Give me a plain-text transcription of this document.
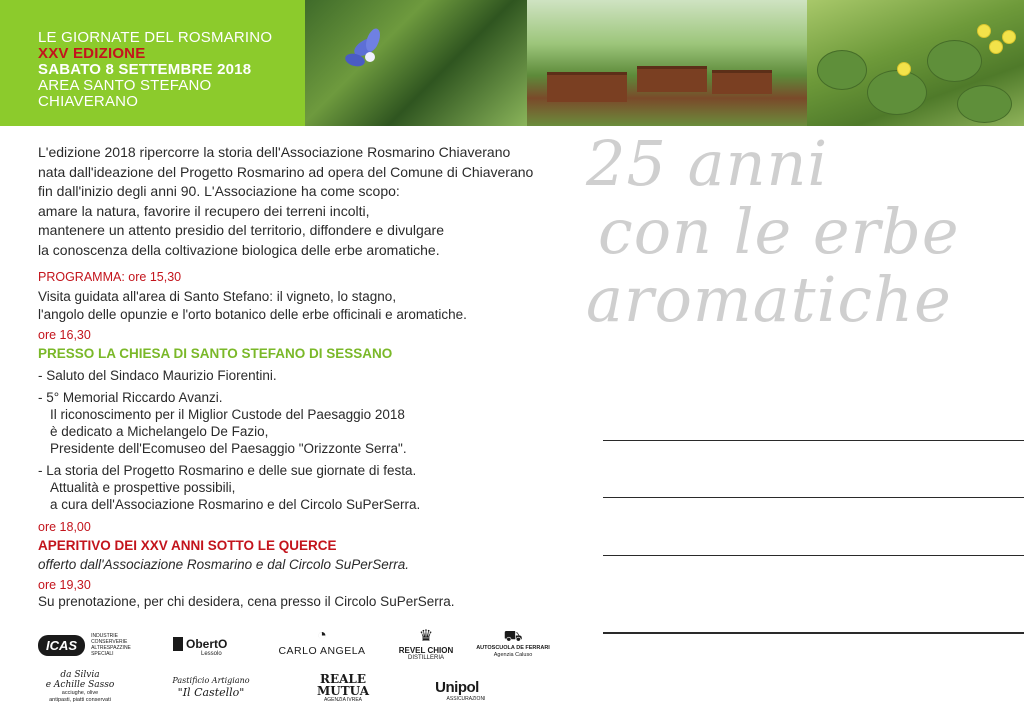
LE GIORNATE DEL ROSMARINO
XXV EDIZIONE
SABATO 8 SETTEMBRE 2018
AREA SANTO STEFANO CHIAVERANO

L'edizione 2018 ripercorre la storia dell'Associazione Rosmarino Chiaverano

nata dall'ideazione del Progetto Rosmarino ad opera del Comune di Chiaverano

fin dall'inizio degli anni 90. L'Associazione ha come scopo:

amare la natura, favorire il recupero dei terreni incolti,

mantenere un attento presidio del territorio, diffondere e divulgare

la conoscenza della coltivazione biologica delle erbe aromatiche.

PROGRAMMA: ore 15,30
Visita guidata all'area di Santo Stefano: il vigneto, lo stagno,
l'angolo delle opunzie e l'orto botanico delle erbe officinali e aromatiche.
ore 16,30
PRESSO LA CHIESA DI SANTO STEFANO DI SESSANO
- Saluto del Sindaco Maurizio Fiorentini.
- 5° Memorial Riccardo Avanzi.
Il riconoscimento per il Miglior Custode del Paesaggio 2018
è dedicato a Michelangelo De Fazio,
Presidente dell'Ecomuseo del Paesaggio "Orizzonte Serra".
- La storia del Progetto Rosmarino e delle sue giornate di festa.
Attualità e prospettive possibili,
a cura dell'Associazione Rosmarino e del Circolo SuPerSerra.
ore 18,00
APERITIVO DEI XXV ANNI SOTTO LE QUERCE
offerto dall'Associazione Rosmarino e dal Circolo SuPerSerra.
ore 19,30
Su prenotazione, per chi desidera, cena presso il Circolo SuPerSerra.
25 anni
con le erbe
aromatiche
ICAS
INDUSTRIE CONSERVERIE ALTRESPAZZINE SPECIALI
ObertO
Lessolo
◔
CARLO ANGELA
♛
REVEL CHION
DISTILLERIA
⛟
AUTOSCUOLA DE FERRARI
Agenzia Caluso
da Silvia
e Achille Sasso
acciughe, olive
antipasti, piatti conservati
Pastificio Artigiano
"Il Castello"
REALE
MUTUA
AGENZIA IVREA
Unipol
ASSICURAZIONI
